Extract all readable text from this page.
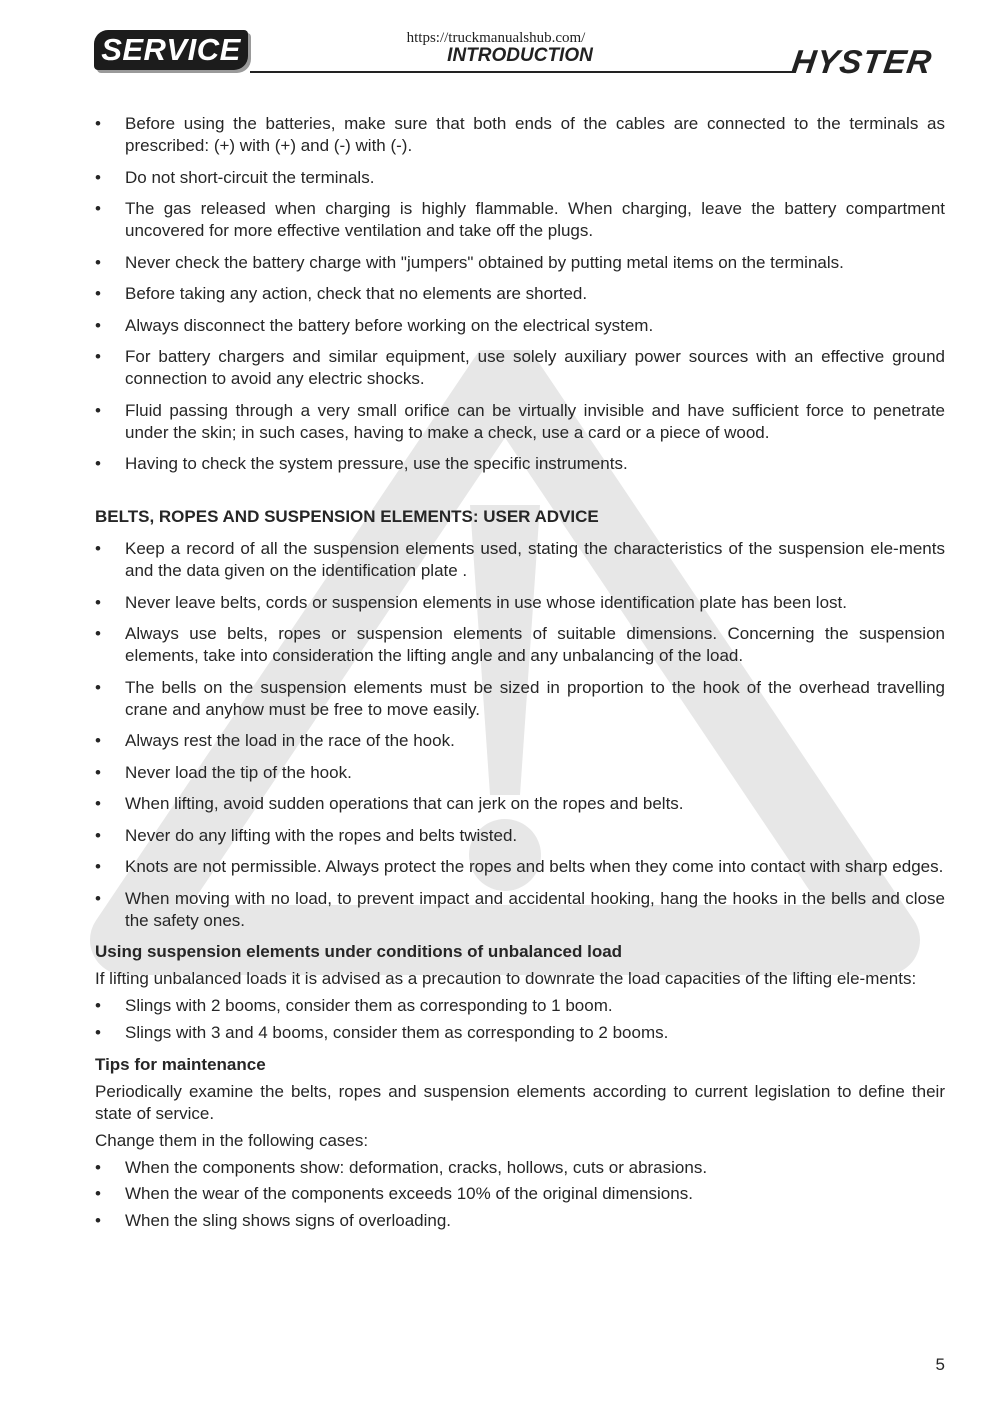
SERVICE	https://truckmanualshub.com/
INTRODUCTION	HYSTER
• Before using the batteries, make sure that both ends of the cables are connected to the terminals as prescribed: (+) with (+) and (-) with (-).
• Do not short-circuit the terminals.
• The gas released when charging is highly flammable. When charging, leave the battery compartment uncovered for more effective ventilation and take off the plugs.
• Never check the battery charge with "jumpers" obtained by putting metal items on the terminals.
• Before taking any action, check that no elements are shorted.
• Always disconnect the battery before working on the electrical system.
• For battery chargers and similar equipment, use solely auxiliary power sources with an effective ground connection to avoid any electric shocks.
• Fluid passing through a very small orifice can be virtually invisible and have sufficient force to penetrate under the skin; in such cases, having to make a check, use a card or a piece of wood.
• Having to check the system pressure, use the specific instruments.
BELTS, ROPES AND SUSPENSION ELEMENTS: USER ADVICE
• Keep a record of all the suspension elements used, stating the characteristics of the suspension ele-ments and the data given on the identification plate .
• Never leave belts, cords or suspension elements in use whose identification plate has been lost.
• Always use belts, ropes or suspension elements of suitable dimensions. Concerning the suspension elements, take into consideration the lifting angle and any unbalancing of the load.
• The bells on the suspension elements must be sized in proportion to the hook of the overhead travelling crane and anyhow must be free to move easily.
• Always rest the load in the race of the hook.
• Never load the tip of the hook.
• When lifting, avoid sudden operations that can jerk on the ropes and belts.
• Never do any lifting with the ropes and belts twisted.
• Knots are not permissible. Always protect the ropes and belts when they come into contact with sharp edges.
• When moving with no load, to prevent impact and accidental hooking, hang the hooks in the bells and close the safety ones.
Using suspension elements under conditions of unbalanced load

If lifting unbalanced loads it is advised as a precaution to downrate the load capacities of the lifting ele-ments:

• Slings with 2 booms, consider them as corresponding to 1 boom.
• Slings with 3 and 4 booms, consider them as corresponding to 2 booms.
Tips for maintenance

Periodically examine the belts, ropes and suspension elements according to current legislation to define their state of service.

Change them in the following cases:

• When the components show: deformation, cracks, hollows, cuts or abrasions.
• When the wear of the components exceeds 10% of the original dimensions.
• When the sling shows signs of overloading.
5
